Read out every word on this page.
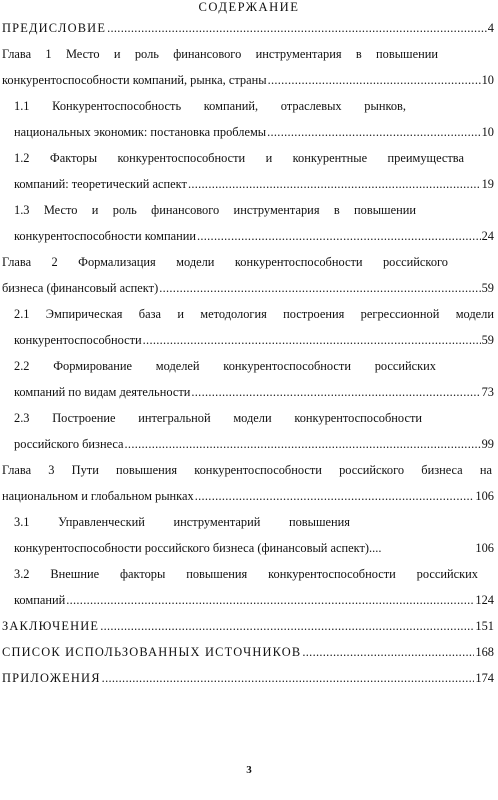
СОДЕРЖАНИЕ
ПРЕДИСЛОВИЕ .....	4
Глава 1 Место и роль финансового инструментария в повышении
конкурентоспособности компаний, рынка, страны .....	10
1.1 Конкурентоспособность компаний, отраслевых рынков,
национальных экономик: постановка проблемы .....	10
1.2 Факторы конкурентоспособности и конкурентные преимущества
компаний: теоретический аспект .....	19
1.3 Место и роль финансового инструментария в повышении
конкурентоспособности компании .....	24
Глава 2 Формализация модели конкурентоспособности российского
бизнеса (финансовый аспект) .....	59
2.1 Эмпирическая база и методология построения регрессионной модели
конкурентоспособности .....	59
2.2 Формирование моделей конкурентоспособности российских
компаний по видам деятельности .....	73
2.3 Построение интегральной модели конкурентоспособности
российского бизнеса .....	99
Глава 3 Пути повышения конкурентоспособности российского бизнеса на
национальном и глобальном рынках .....	106
3.1 Управленческий инструментарий повышения
конкурентоспособности российского бизнеса (финансовый аспект)....	106
3.2 Внешние факторы повышения конкурентоспособности российских
компаний .....	124
ЗАКЛЮЧЕНИЕ .....	151
СПИСОК ИСПОЛЬЗОВАННЫХ ИСТОЧНИКОВ .....	168
ПРИЛОЖЕНИЯ .....	174
3
